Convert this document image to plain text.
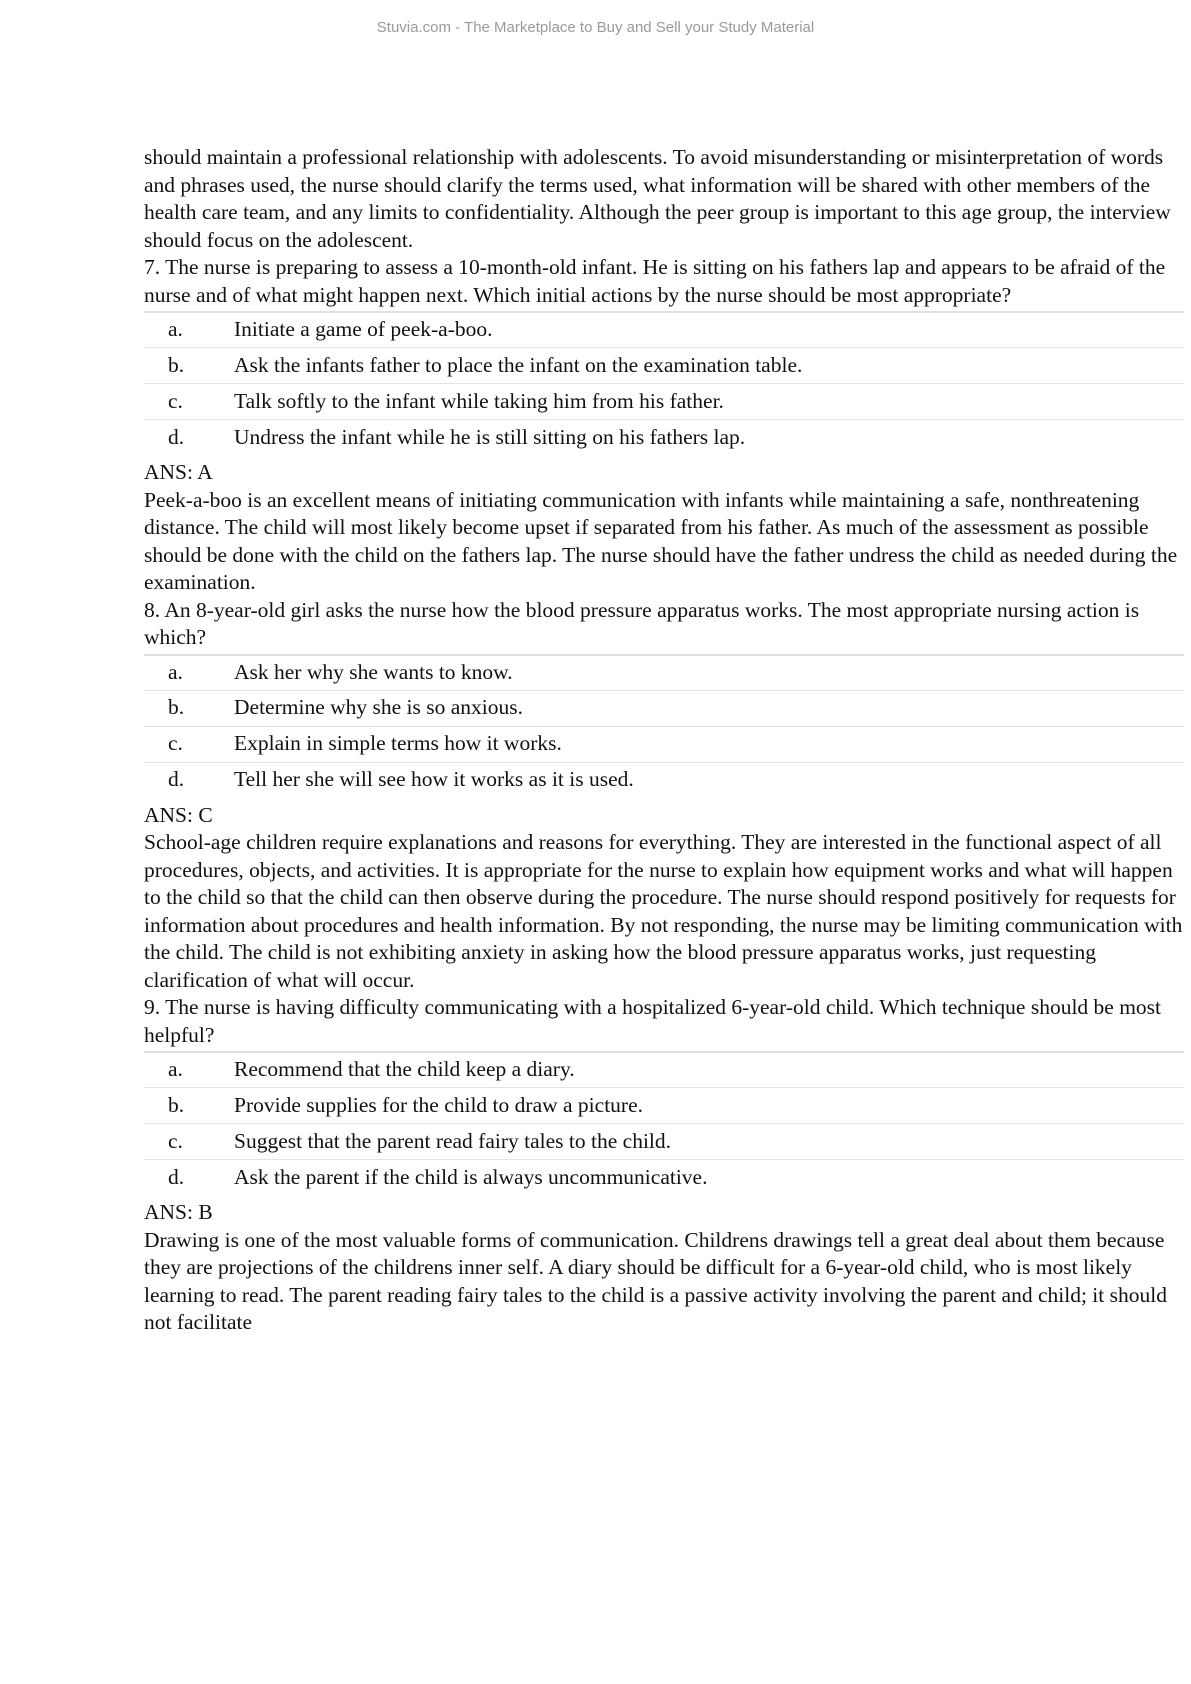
Stuvia.com - The Marketplace to Buy and Sell your Study Material

should maintain a professional relationship with adolescents. To avoid misunderstanding or misinterpretation of words and phrases used, the nurse should clarify the terms used, what information will be shared with other members of the health care team, and any limits to confidentiality. Although the peer group is important to this age group, the interview should focus on the adolescent.

7. The nurse is preparing to assess a 10-month-old infant. He is sitting on his fathers lap and appears to be afraid of the nurse and of what might happen next. Which initial actions by the nurse should be most appropriate?

a.	Initiate a game of peek-a-boo.
b.	Ask the infants father to place the infant on the examination table.
c.	Talk softly to the infant while taking him from his father.
d.	Undress the infant while he is still sitting on his fathers lap.

ANS: A

Peek-a-boo is an excellent means of initiating communication with infants while maintaining a safe, nonthreatening distance. The child will most likely become upset if separated from his father. As much of the assessment as possible should be done with the child on the fathers lap. The nurse should have the father undress the child as needed during the examination.

8. An 8-year-old girl asks the nurse how the blood pressure apparatus works. The most appropriate nursing action is which?

a.	Ask her why she wants to know.
b.	Determine why she is so anxious.
c.	Explain in simple terms how it works.
d.	Tell her she will see how it works as it is used.

ANS: C

School-age children require explanations and reasons for everything. They are interested in the functional aspect of all procedures, objects, and activities. It is appropriate for the nurse to explain how equipment works and what will happen to the child so that the child can then observe during the procedure. The nurse should respond positively for requests for information about procedures and health information. By not responding, the nurse may be limiting communication with the child. The child is not exhibiting anxiety in asking how the blood pressure apparatus works, just requesting clarification of what will occur.

9. The nurse is having difficulty communicating with a hospitalized 6-year-old child. Which technique should be most helpful?

a.	Recommend that the child keep a diary.
b.	Provide supplies for the child to draw a picture.
c.	Suggest that the parent read fairy tales to the child.
d.	Ask the parent if the child is always uncommunicative.

ANS: B

Drawing is one of the most valuable forms of communication. Childrens drawings tell a great deal about them because they are projections of the childrens inner self. A diary should be difficult for a 6-year-old child, who is most likely learning to read. The parent reading fairy tales to the child is a passive activity involving the parent and child; it should not facilitate
